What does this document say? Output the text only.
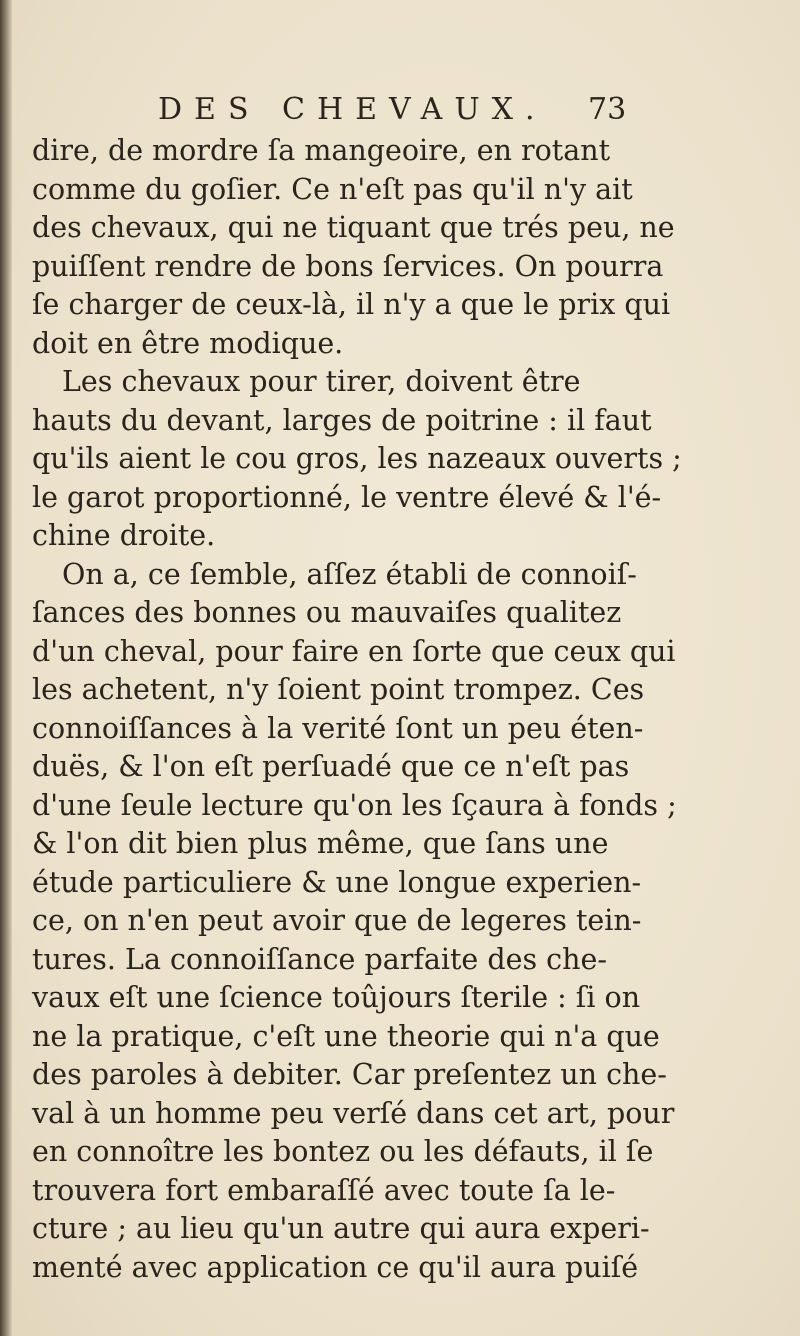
DES CHEVAUX. 73
dire, de mordre ſa mangeoire, en rotant
comme du goſier. Ce n'eſt pas qu'il n'y ait
des chevaux, qui ne tiquant que trés peu, ne
puiſſent rendre de bons ſervices. On pourra
ſe charger de ceux-là, il n'y a que le prix qui
doit en être modique.
Les chevaux pour tirer, doivent être
hauts du devant, larges de poitrine : il faut
qu'ils aient le cou gros, les nazeaux ouverts ;
le garot proportionné, le ventre élevé & l'é-
chine droite.
On a, ce ſemble, aſſez établi de connoiſ-
ſances des bonnes ou mauvaiſes qualitez
d'un cheval, pour faire en ſorte que ceux qui
les achetent, n'y ſoient point trompez. Ces
connoiſſances à la verité ſont un peu éten-
duës, & l'on eſt perſuadé que ce n'eſt pas
d'une ſeule lecture qu'on les ſçaura à fonds ;
& l'on dit bien plus même, que ſans une
étude particuliere & une longue experien-
ce, on n'en peut avoir que de legeres tein-
tures. La connoiſſance parfaite des che-
vaux eſt une ſcience toûjours ſterile : ſi on
ne la pratique, c'eſt une theorie qui n'a que
des paroles à debiter. Car preſentez un che-
val à un homme peu verſé dans cet art, pour
en connoître les bontez ou les défauts, il ſe
trouvera fort embaraſſé avec toute ſa le-
cture ; au lieu qu'un autre qui aura experi-
menté avec application ce qu'il aura puiſé
